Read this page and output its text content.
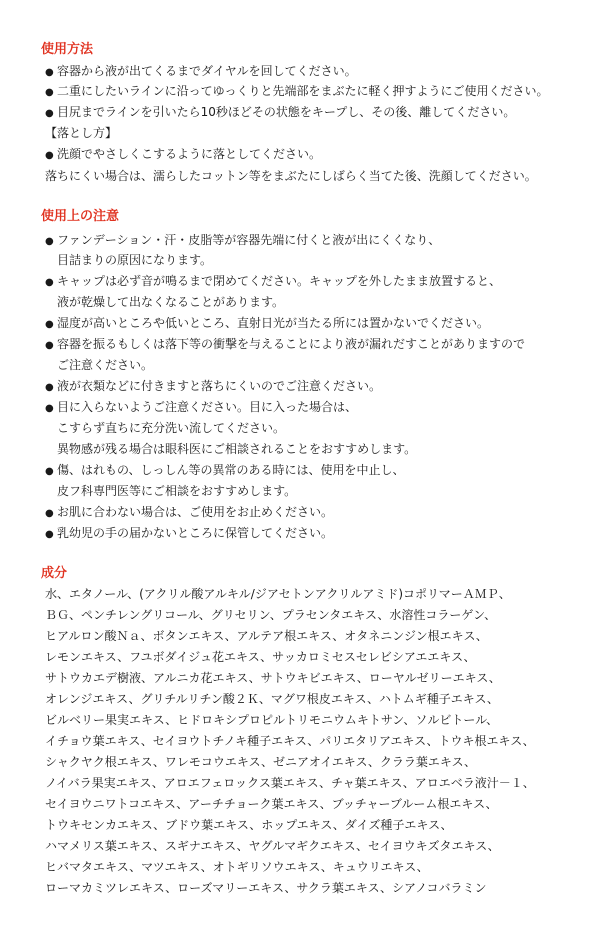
使用方法
● 容器から液が出てくるまでダイヤルを回してください。
● 二重にしたいラインに沿ってゆっくりと先端部をまぶたに軽く押すようにご使用ください。
● 目尻までラインを引いたら10秒ほどその状態をキープし、その後、離してください。
【落とし方】
● 洗顔でやさしくこするように落としてください。
落ちにくい場合は、濡らしたコットン等をまぶたにしばらく当てた後、洗顔してください。
使用上の注意
● ファンデーション・汗・皮脂等が容器先端に付くと液が出にくくなり、
目詰まりの原因になります。
● キャップは必ず音が鳴るまで閉めてください。キャップを外したまま放置すると、
液が乾燥して出なくなることがあります。
● 湿度が高いところや低いところ、直射日光が当たる所には置かないでください。
● 容器を振るもしくは落下等の衝撃を与えることにより液が漏れだすことがありますので
ご注意ください。
● 液が衣類などに付きますと落ちにくいのでご注意ください。
● 目に入らないようご注意ください。目に入った場合は、
こすらず直ちに充分洗い流してください。
異物感が残る場合は眼科医にご相談されることをおすすめします。
● 傷、はれもの、しっしん等の異常のある時には、使用を中止し、
皮フ科専門医等にご相談をおすすめします。
● お肌に合わない場合は、ご使用をお止めください。
● 乳幼児の手の届かないところに保管してください。
成分
水、エタノール、(アクリル酸アルキル/ジアセトンアクリルアミド)コポリマーＡＭＰ、
ＢＧ、ペンチレングリコール、グリセリン、プラセンタエキス、水溶性コラーゲン、
ヒアルロン酸Ｎａ、ボタンエキス、アルテア根エキス、オタネニンジン根エキス、
レモンエキス、フユボダイジュ花エキス、サッカロミセスセレビシアエエキス、
サトウカエデ樹液、アルニカ花エキス、サトウキビエキス、ローヤルゼリーエキス、
オレンジエキス、グリチルリチン酸２Ｋ、マグワ根皮エキス、ハトムギ種子エキス、
ビルベリー果実エキス、ヒドロキシプロピルトリモニウムキトサン、ソルビトール、
イチョウ葉エキス、セイヨウトチノキ種子エキス、パリエタリアエキス、トウキ根エキス、
シャクヤク根エキス、ワレモコウエキス、ゼニアオイエキス、クララ葉エキス、
ノイバラ果実エキス、アロエフェロックス葉エキス、チャ葉エキス、アロエベラ液汁－１、
セイヨウニワトコエキス、アーチチョーク葉エキス、ブッチャーブルーム根エキス、
トウキセンカエキス、ブドウ葉エキス、ホップエキス、ダイズ種子エキス、
ハマメリス葉エキス、スギナエキス、ヤグルマギクエキス、セイヨウキズタエキス、
ヒバマタエキス、マツエキス、オトギリソウエキス、キュウリエキス、
ローマカミツレエキス、ローズマリーエキス、サクラ葉エキス、シアノコバラミン
